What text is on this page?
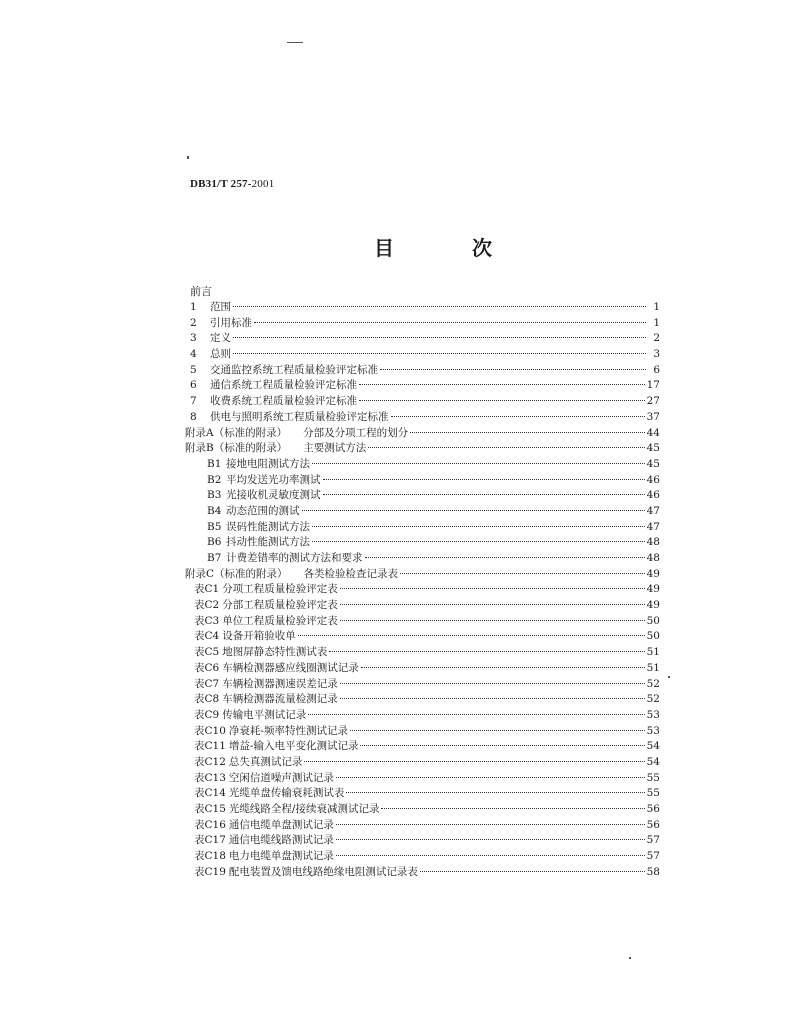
DB31/T 257-2001
目	次
前言
1 范围	1
2 引用标准	1
3 定义	2
4 总则	3
5 交通监控系统工程质量检验评定标准	6
6 通信系统工程质量检验评定标准	17
7 收费系统工程质量检验评定标准	27
8 供电与照明系统工程质量检验评定标准	37
附录A（标准的附录） 分部及分项工程的划分	44
附录B（标准的附录） 主要测试方法	45
B1 接地电阻测试方法	45
B2 平均发送光功率测试	46
B3 光接收机灵敏度测试	46
B4 动态范围的测试	47
B5 误码性能测试方法	47
B6 抖动性能测试方法	48
B7 计费差错率的测试方法和要求	48
附录C（标准的附录） 各类检验检查记录表	49
表C1 分项工程质量检验评定表	49
表C2 分部工程质量检验评定表	49
表C3 单位工程质量检验评定表	50
表C4 设备开箱验收单	50
表C5 地图屏静态特性测试表	51
表C6 车辆检测器感应线圈测试记录	51
表C7 车辆检测器测速误差记录	52
表C8 车辆检测器流量检测记录	52
表C9 传输电平测试记录	53
表C10 净衰耗-频率特性测试记录	53
表C11 增益-输入电平变化测试记录	54
表C12 总失真测试记录	54
表C13 空闲信道噪声测试记录	55
表C14 光缆单盘传输衰耗测试表	55
表C15 光缆线路全程/接续衰减测试记录	56
表C16 通信电缆单盘测试记录	56
表C17 通信电缆线路测试记录	57
表C18 电力电缆单盘测试记录	57
表C19 配电装置及馈电线路绝缘电阻测试记录表	58
